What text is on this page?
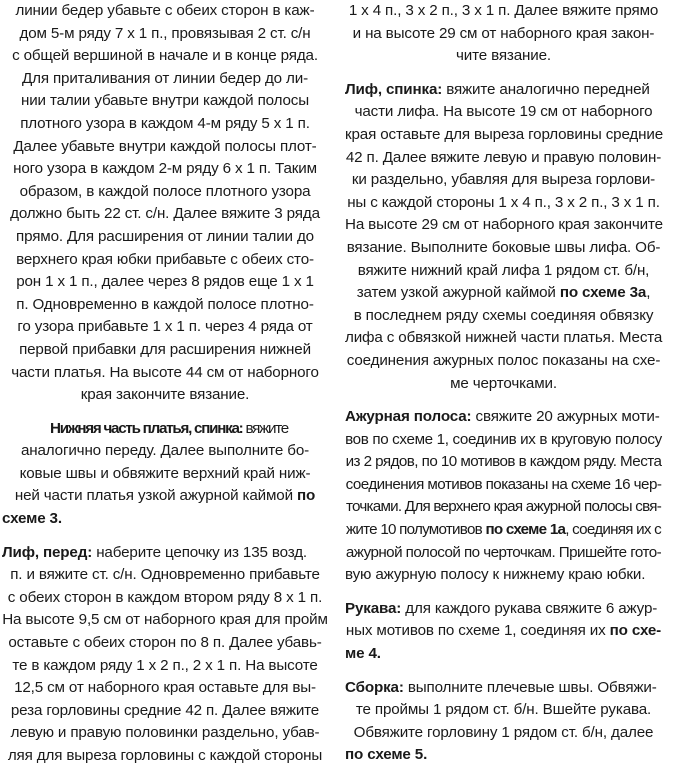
линии бедер убавьте с обеих сторон в каж-
дом 5-м ряду 7 x 1 п., провязывая 2 ст. с/н
с общей вершиной в начале и в конце ряда.
Для приталивания от линии бедер до ли-
нии талии убавьте внутри каждой полосы
плотного узора в каждом 4-м ряду 5 x 1 п.
Далее убавьте внутри каждой полосы плот-
ного узора в каждом 2-м ряду 6 x 1 п. Таким
образом, в каждой полосе плотного узора
должно быть 22 ст. с/н. Далее вяжите 3 ряда
прямо. Для расширения от линии талии до
верхнего края юбки прибавьте с обеих сто-
рон 1 x 1 п., далее через 8 рядов еще 1 x 1
п. Одновременно в каждой полосе плотно-
го узора прибавьте 1 x 1 п. через 4 ряда от
первой прибавки для расширения нижней
части платья. На высоте 44 см от наборного
края закончите вязание.
Нижняя часть платья, спинка: вяжите
аналогично переду. Далее выполните бо-
ковые швы и обвяжите верхний край ниж-
ней части платья узкой ажурной каймой по
схеме 3.
Лиф, перед: наберите цепочку из 135 возд.
п. и вяжите ст. с/н. Одновременно прибавьте
с обеих сторон в каждом втором ряду 8 x 1 п.
На высоте 9,5 см от наборного края для пройм
оставьте с обеих сторон по 8 п. Далее убавь-
те в каждом ряду 1 x 2 п., 2 x 1 п. На высоте
12,5 см от наборного края оставьте для вы-
реза горловины средние 42 п. Далее вяжите
левую и правую половинки раздельно, убав-
ляя для выреза горловины с каждой стороны
1 x 4 п., 3 x 2 п., 3 x 1 п. Далее вяжите прямо
и на высоте 29 см от наборного края закон-
чите вязание.
Лиф, спинка: вяжите аналогично передней
части лифа. На высоте 19 см от наборного
края оставьте для выреза горловины средние
42 п. Далее вяжите левую и правую половин-
ки раздельно, убавляя для выреза горлови-
ны с каждой стороны 1 x 4 п., 3 x 2 п., 3 x 1 п.
На высоте 29 см от наборного края закончите
вязание. Выполните боковые швы лифа. Об-
вяжите нижний край лифа 1 рядом ст. б/н,
затем узкой ажурной каймой по схеме 3а,
в последнем ряду схемы соединяя обвязку
лифа с обвязкой нижней части платья. Места
соединения ажурных полос показаны на схе-
ме черточками.
Ажурная полоса: свяжите 20 ажурных моти-
вов по схеме 1, соединив их в круговую полосу
из 2 рядов, по 10 мотивов в каждом ряду. Места
соединения мотивов показаны на схеме 16 чер-
точками. Для верхнего края ажурной полосы свя-
жите 10 полумотивов по схеме 1а, соединяя их с
ажурной полосой по черточкам. Пришейте гото-
вую ажурную полосу к нижнему краю юбки.
Рукава: для каждого рукава свяжите 6 ажур-
ных мотивов по схеме 1, соединяя их по схе-
ме 4.
Сборка: выполните плечевые швы. Обвяжи-
те проймы 1 рядом ст. б/н. Вшейте рукава.
Обвяжите горловину 1 рядом ст. б/н, далее
по схеме 5.
